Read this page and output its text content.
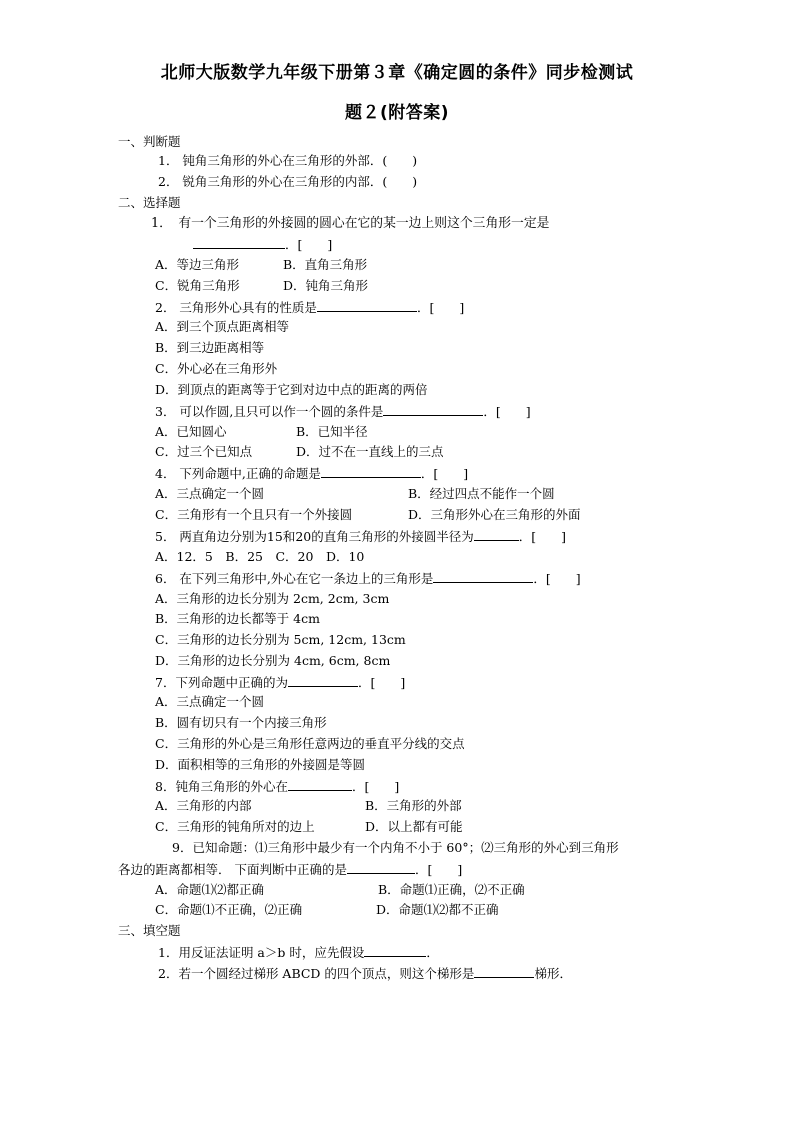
北师大版数学九年级下册第３章《确定圆的条件》同步检测试
题２(附答案)
一、判断题
1． 钝角三角形的外心在三角形的外部．(　　)
2． 锐角三角形的外心在三角形的内部．(　　)
二、选择题
1．　有一个三角形的外接圆的圆心在它的某一边上则这个三角形一定是
．[　　]
A．等边三角形	B．直角三角形
C．锐角三角形	D．钝角三角形
2． 三角形外心具有的性质是	．[　　]
A．到三个顶点距离相等
B．到三边距离相等
C．外心必在三角形外
D．到顶点的距离等于它到对边中点的距离的两倍
3． 可以作圆,且只可以作一个圆的条件是	．[　　]
A．已知圆心	B．已知半径
C．过三个已知点	D．过不在一直线上的三点
4． 下列命题中,正确的命题是	．[　　]
A．三点确定一个圆	B．经过四点不能作一个圆
C．三角形有一个且只有一个外接圆	D．三角形外心在三角形的外面
5． 两直角边分别为15和20的直角三角形的外接圆半径为	．[　　]
A．12．5　B．25　C．20　D．10
6． 在下列三角形中,外心在它一条边上的三角形是	．[　　]
A．三角形的边长分别为 2cm, 2cm, 3cm
B．三角形的边长都等于 4cm
C．三角形的边长分别为 5cm, 12cm, 13cm
D．三角形的边长分别为 4cm, 6cm, 8cm
7．下列命题中正确的为	．[　　]
A．三点确定一个圆
B．圆有切只有一个内接三角形
C．三角形的外心是三角形任意两边的垂直平分线的交点
D．面积相等的三角形的外接圆是等圆
8．钝角三角形的外心在	．[　　]
A．三角形的内部	B．三角形的外部
C．三角形的钝角所对的边上	D．以上都有可能
9．已知命题：⑴三角形中最少有一个内角不小于 60°；⑵三角形的外心到三角形
各边的距离都相等． 下面判断中正确的是	．[　　]
A．命题⑴⑵都正确	B．命题⑴正确，⑵不正确
C．命题⑴不正确，⑵正确	D．命题⑴⑵都不正确
三、填空题
1．用反证法证明 a＞b 时，应先假设	．
2．若一个圆经过梯形 ABCD 的四个顶点，则这个梯形是	梯形．
